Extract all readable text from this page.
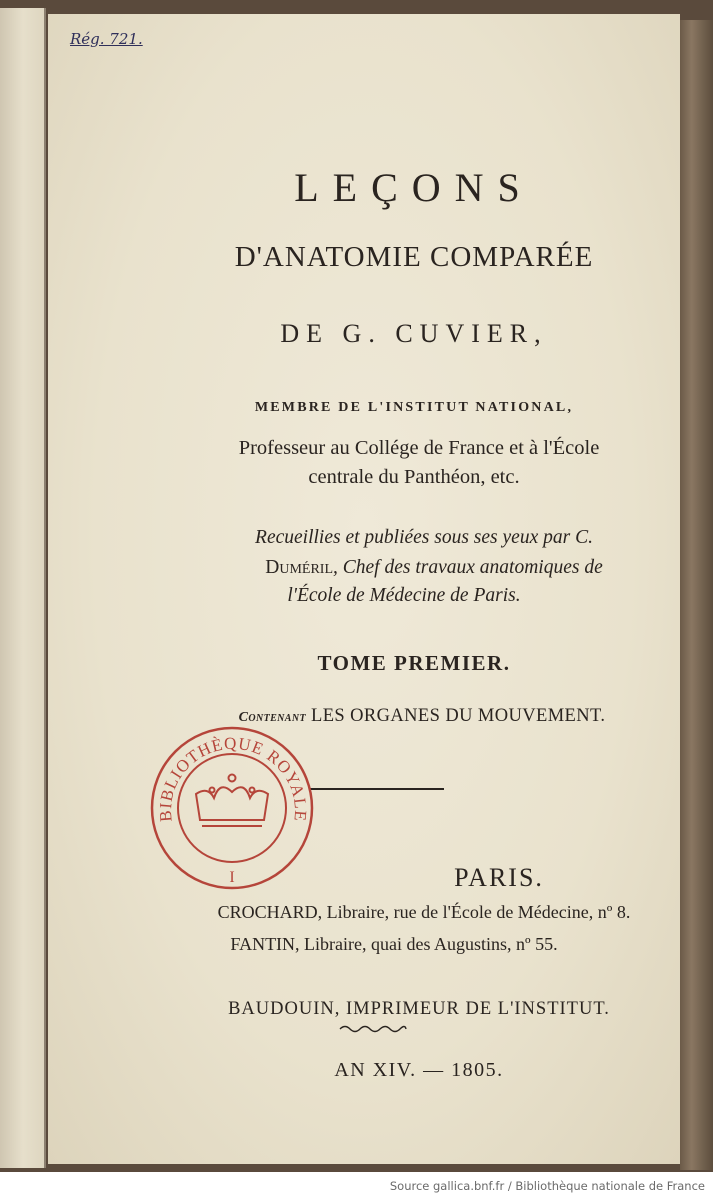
LEÇONS
D'ANATOMIE COMPARÉE
DE G. CUVIER,
MEMBRE DE L'INSTITUT NATIONAL,
Professeur au Collége de France et à l'École
centrale du Panthéon, etc.
Recueillies et publiées sous ses yeux par C.
Duméril, Chef des travaux anatomiques de
l'École de Médecine de Paris.
TOME PREMIER.
Contenant LES ORGANES DU MOUVEMENT.
PARIS.
CROCHARD, Libraire, rue de l'École de Médecine, nº 8.
FANTIN, Libraire, quai des Augustins, nº 55.
BAUDOUIN, IMPRIMEUR DE L'INSTITUT.
AN XIV. — 1805.
Rég. 721.
BIBLIOTHÈQUE ROYALE
I
Source gallica.bnf.fr / Bibliothèque nationale de France
